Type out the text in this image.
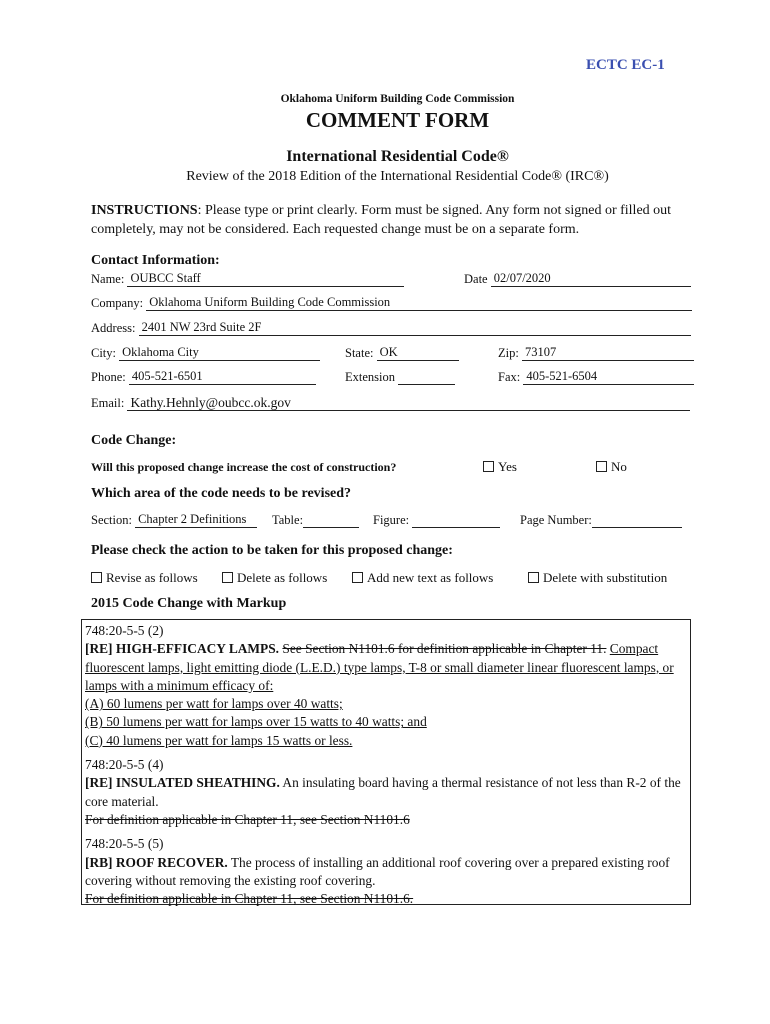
ECTC EC-1
Oklahoma Uniform Building Code Commission
COMMENT FORM
International Residential Code®
Review of the 2018 Edition of the International Residential Code® (IRC®)
INSTRUCTIONS: Please type or print clearly. Form must be signed. Any form not signed or filled out completely, may not be considered. Each requested change must be on a separate form.
Contact Information:
Name: OUBCC Staff	Date 02/07/2020
Company: Oklahoma Uniform Building Code Commission
Address: 2401 NW 23rd Suite 2F
City: Oklahoma City	State: OK	Zip: 73107
Phone: 405-521-6501	Extension	Fax: 405-521-6504
Email: Kathy.Hehnly@oubcc.ok.gov
Code Change:
Will this proposed change increase the cost of construction?	Yes	No
Which area of the code needs to be revised?
Section: Chapter 2 Definitions	Table:	Figure:	Page Number:
Please check the action to be taken for this proposed change:
Revise as follows	Delete as follows	Add new text as follows	Delete with substitution
2015 Code Change with Markup

748:20-5-5 (2)

[RE] HIGH-EFFICACY LAMPS. See Section N1101.6 for definition applicable in Chapter 11. Compact fluorescent lamps, light emitting diode (L.E.D.) type lamps, T-8 or small diameter linear fluorescent lamps, or lamps with a minimum efficacy of:

(A) 60 lumens per watt for lamps over 40 watts;

(B) 50 lumens per watt for lamps over 15 watts to 40 watts; and

(C) 40 lumens per watt for lamps 15 watts or less.

748:20-5-5 (4)

[RE] INSULATED SHEATHING. An insulating board having a thermal resistance of not less than R-2 of the core material.

For definition applicable in Chapter 11, see Section N1101.6

748:20-5-5 (5)

[RB] ROOF RECOVER. The process of installing an additional roof covering over a prepared existing roof covering without removing the existing roof covering.

For definition applicable in Chapter 11, see Section N1101.6.
